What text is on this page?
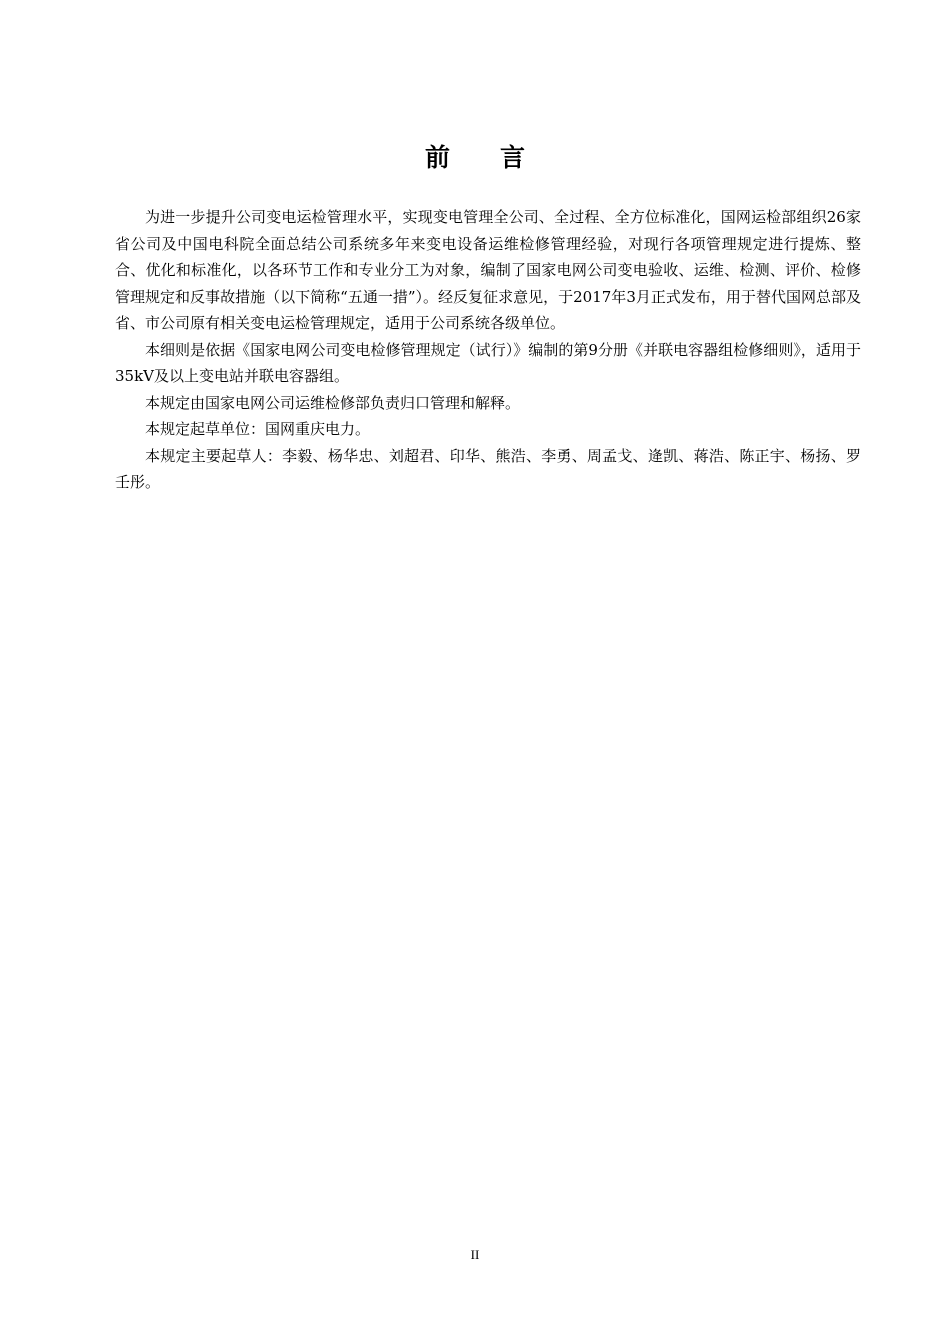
前 言

为进一步提升公司变电运检管理水平，实现变电管理全公司、全过程、全方位标准化，国网运检部组织26家省公司及中国电科院全面总结公司系统多年来变电设备运维检修管理经验，对现行各项管理规定进行提炼、整合、优化和标准化，以各环节工作和专业分工为对象，编制了国家电网公司变电验收、运维、检测、评价、检修管理规定和反事故措施（以下简称“五通一措”）。经反复征求意见，于2017年3月正式发布，用于替代国网总部及省、市公司原有相关变电运检管理规定，适用于公司系统各级单位。

本细则是依据《国家电网公司变电检修管理规定（试行）》编制的第9分册《并联电容器组检修细则》，适用于35kV及以上变电站并联电容器组。

本规定由国家电网公司运维检修部负责归口管理和解释。

本规定起草单位：国网重庆电力。

本规定主要起草人：李毅、杨华忠、刘超君、印华、熊浩、李勇、周孟戈、逄凯、蒋浩、陈正宇、杨扬、罗壬彤。

II
